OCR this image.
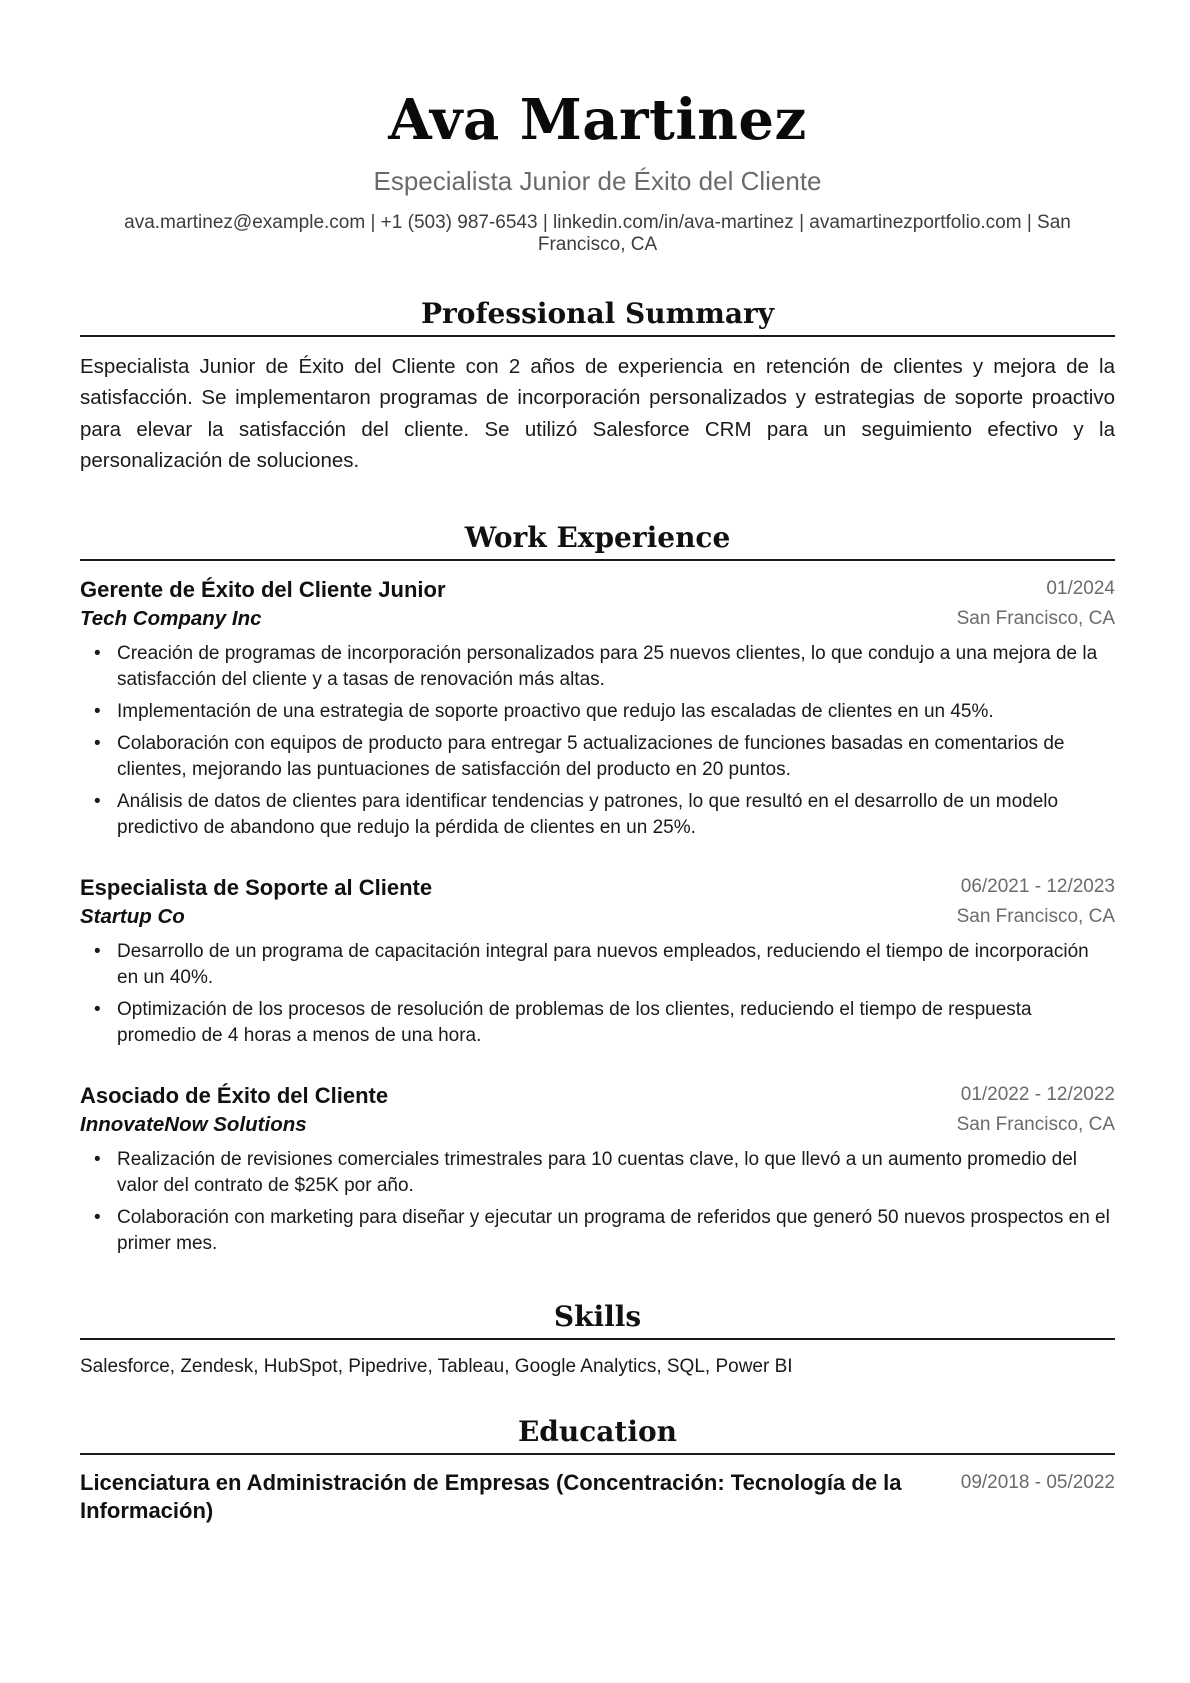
Ava Martinez
Especialista Junior de Éxito del Cliente
ava.martinez@example.com | +1 (503) 987-6543 | linkedin.com/in/ava-martinez | avamartinezportfolio.com | San Francisco, CA
Professional Summary
Especialista Junior de Éxito del Cliente con 2 años de experiencia en retención de clientes y mejora de la satisfacción. Se implementaron programas de incorporación personalizados y estrategias de soporte proactivo para elevar la satisfacción del cliente. Se utilizó Salesforce CRM para un seguimiento efectivo y la personalización de soluciones.
Work Experience
Gerente de Éxito del Cliente Junior	01/2024
Tech Company Inc	San Francisco, CA
• Creación de programas de incorporación personalizados para 25 nuevos clientes, lo que condujo a una mejora de la satisfacción del cliente y a tasas de renovación más altas.
• Implementación de una estrategia de soporte proactivo que redujo las escaladas de clientes en un 45%.
• Colaboración con equipos de producto para entregar 5 actualizaciones de funciones basadas en comentarios de clientes, mejorando las puntuaciones de satisfacción del producto en 20 puntos.
• Análisis de datos de clientes para identificar tendencias y patrones, lo que resultó en el desarrollo de un modelo predictivo de abandono que redujo la pérdida de clientes en un 25%.
Especialista de Soporte al Cliente	06/2021 - 12/2023
Startup Co	San Francisco, CA
• Desarrollo de un programa de capacitación integral para nuevos empleados, reduciendo el tiempo de incorporación en un 40%.
• Optimización de los procesos de resolución de problemas de los clientes, reduciendo el tiempo de respuesta promedio de 4 horas a menos de una hora.
Asociado de Éxito del Cliente	01/2022 - 12/2022
InnovateNow Solutions	San Francisco, CA
• Realización de revisiones comerciales trimestrales para 10 cuentas clave, lo que llevó a un aumento promedio del valor del contrato de $25K por año.
• Colaboración con marketing para diseñar y ejecutar un programa de referidos que generó 50 nuevos prospectos en el primer mes.
Skills
Salesforce, Zendesk, HubSpot, Pipedrive, Tableau, Google Analytics, SQL, Power BI
Education
Licenciatura en Administración de Empresas (Concentración: Tecnología de la Información)
09/2018 - 05/2022
